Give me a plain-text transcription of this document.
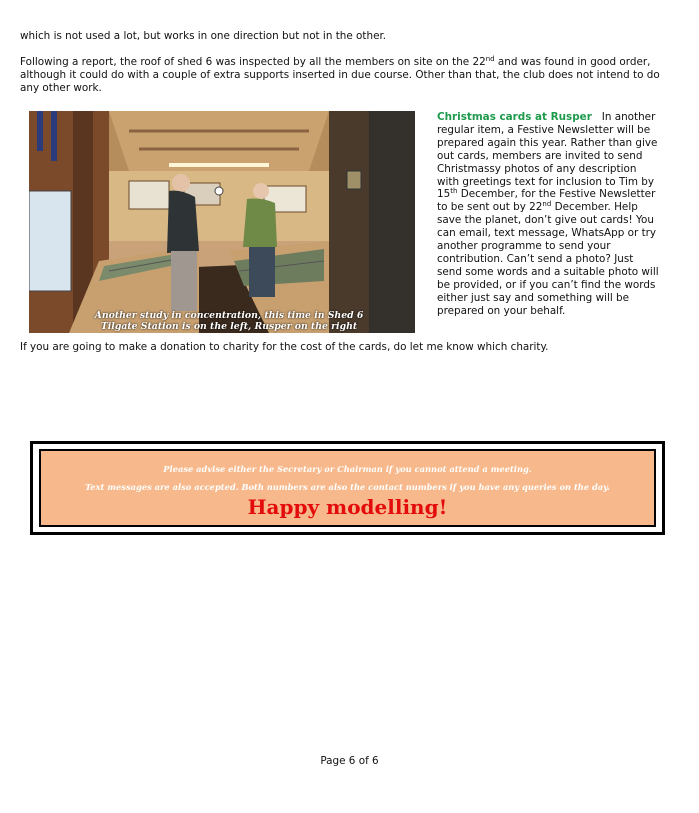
which is not used a lot, but works in one direction but not in the other.

Following a report, the roof of shed 6 was inspected by all the members on site on the 22nd and was found in good order, although it could do with a couple of extra supports inserted in due course. Other than that, the club does not intend to do any other work.

Another study in concentration, this time in Shed 6
Tilgate Station is on the left, Rusper on the right

Christmas cards at Rusper In another regular item, a Festive Newsletter will be prepared again this year. Rather than give out cards, members are invited to send Christmassy photos of any description with greetings text for inclusion to Tim by 15th December, for the Festive Newsletter to be sent out by 22nd December. Help save the planet, don’t give out cards! You can email, text message, WhatsApp or try another programme to send your contribution. Can’t send a photo? Just send some words and a suitable photo will be provided, or if you can’t find the words either just say and something will be prepared on your behalf.

If you are going to make a donation to charity for the cost of the cards, do let me know which charity.

Please advise either the Secretary or Chairman if you cannot attend a meeting.
Text messages are also accepted. Both numbers are also the contact numbers if you have any queries on the day.
Happy modelling!
Page 6 of 6
